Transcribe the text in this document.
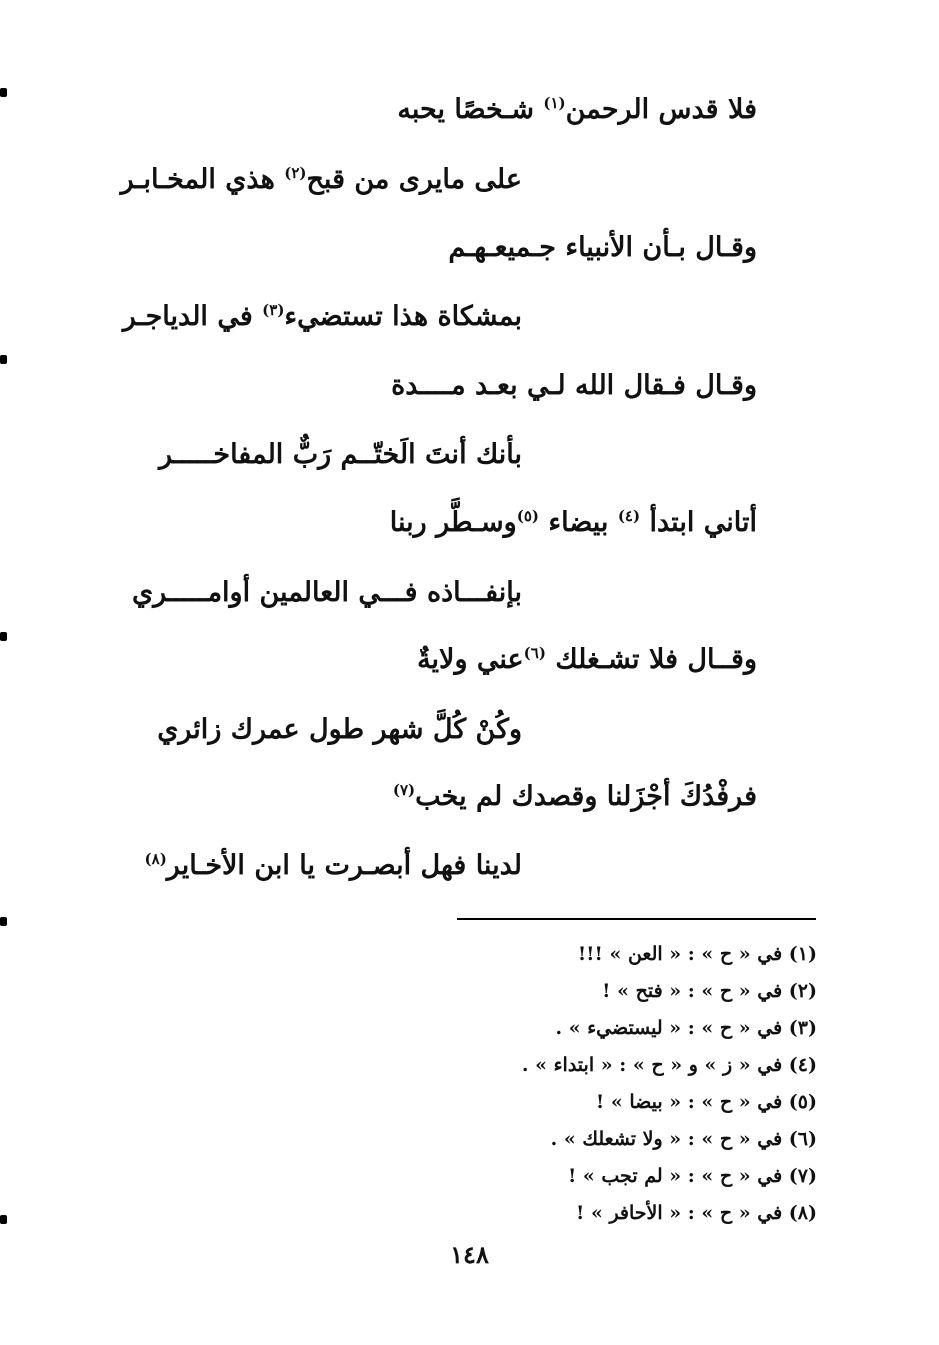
فلا قدس الرحمن$^{(١)}$ شـخصًا يحبه
على مايرى من قبح$^{(٢)}$ هذي المخـابـر
وقـال بـأن الأنبياء جـميعـهـم
بمشكاة هذا تستضيء$^{(٣)}$ في الدياجـر
وقـال فـقال الله لـي بعـد مــــدة
بأنك أنتَ الَختّــم رَبٌّ المفاخـــــر
أتاني ابتدأ $^{(٤)}$ بيضاء $^{(٥)}$وسـطَّر ربنا
بإنفـــاذه فـــي العالمين أوامـــــري
وقــال فلا تشـغلك $^{(٦)}$عني ولايةٌ
وكُنْ كُلَّ شهر طول عمرك زائري
فرفْدُكَ أجْزَلنا وقصدك لم يخب$^{(٧)}$
لدينا فهل أبصـرت يا ابن الأخـاير$^{(٨)}$
(١) في « ح » : « العن » !!!
(٢) في « ح » : « فتح » !
(٣) في « ح » : « ليستضيء » .
(٤) في « ز » و « ح » : « ابتداء » .
(٥) في « ح » : « بيضا » !
(٦) في « ح » : « ولا تشعلك » .
(٧) في « ح » : « لم تجب » !
(٨) في « ح » : « الأحافر » !
١٤٨
